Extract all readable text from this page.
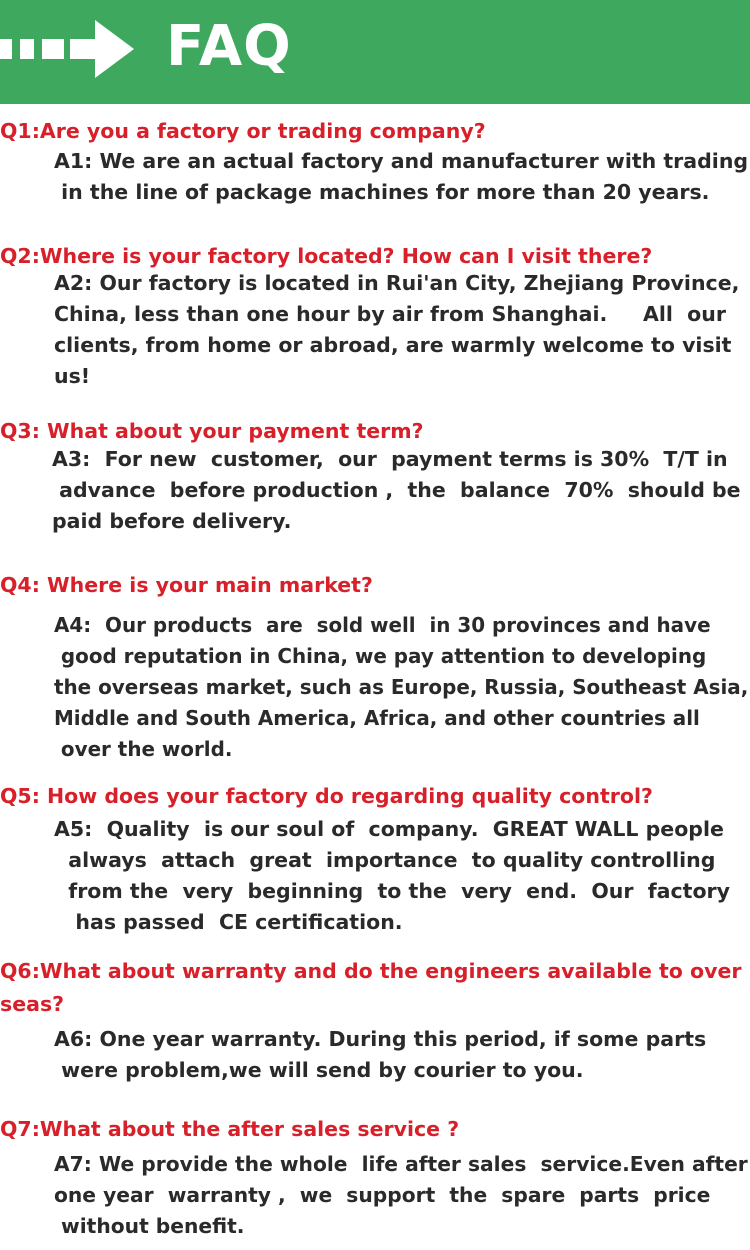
FAQ
Q1:Are you a factory or trading company?
A1: We are an actual factory and manufacturer with trading
in the line of package machines for more than 20 years.
Q2:Where is your factory located? How can I visit there?
A2: Our factory is located in Rui'an City, Zhejiang Province,
China, less than one hour by air from Shanghai.     All  our
clients, from home or abroad, are warmly welcome to visit
us!
Q3: What about your payment term?
A3:  For new  customer,  our  payment terms is 30%  T/T in
advance  before production ,  the  balance  70%  should be
paid before delivery.
Q4: Where is your main market?
A4:  Our products  are  sold well  in 30 provinces and have
good reputation in China, we pay attention to developing
the overseas market, such as Europe, Russia, Southeast Asia,
Middle and South America, Africa, and other countries all
over the world.
Q5: How does your factory do regarding quality control?
A5:  Quality  is our soul of  company.  GREAT WALL people
always  attach  great  importance  to quality controlling
from the  very  beginning  to the  very  end.  Our  factory
has passed  CE certification.
Q6:What about warranty and do the engineers available to over
seas?
A6: One year warranty. During this period, if some parts
were problem,we will send by courier to you.
Q7:What about the after sales service ?
A7: We provide the whole  life after sales  service.Even after
one year  warranty ,  we  support  the  spare  parts  price
without benefit.
